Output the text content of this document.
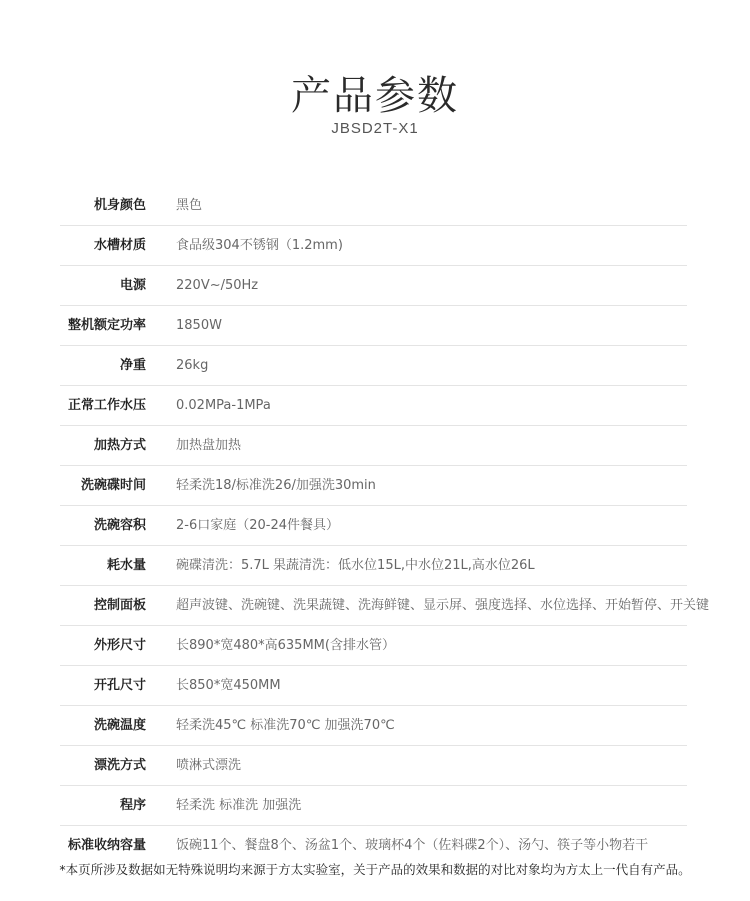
产品参数
JBSD2T-X1
机身颜色 黑色
水槽材质 食品级304不锈钢（1.2mm)
电源 220V~/50Hz
整机额定功率 1850W
净重 26kg
正常工作水压 0.02MPa-1MPa
加热方式 加热盘加热
洗碗碟时间 轻柔洗18/标准洗26/加强洗30min
洗碗容积 2-6口家庭（20-24件餐具）
耗水量 碗碟清洗：5.7L 果蔬清洗：低水位15L,中水位21L,高水位26L
控制面板 超声波键、洗碗键、洗果蔬键、洗海鲜键、显示屏、强度选择、水位选择、开始暂停、开关键
外形尺寸 长890*宽480*高635MM(含排水管）
开孔尺寸 长850*宽450MM
洗碗温度 轻柔洗45℃ 标准洗70℃ 加强洗70℃
漂洗方式 喷淋式漂洗
程序 轻柔洗 标准洗 加强洗
标准收纳容量 饭碗11个、餐盘8个、汤盆1个、玻璃杯4个（佐料碟2个）、汤勺、筷子等小物若干
*本页所涉及数据如无特殊说明均来源于方太实验室，关于产品的效果和数据的对比对象均为方太上一代自有产品。
